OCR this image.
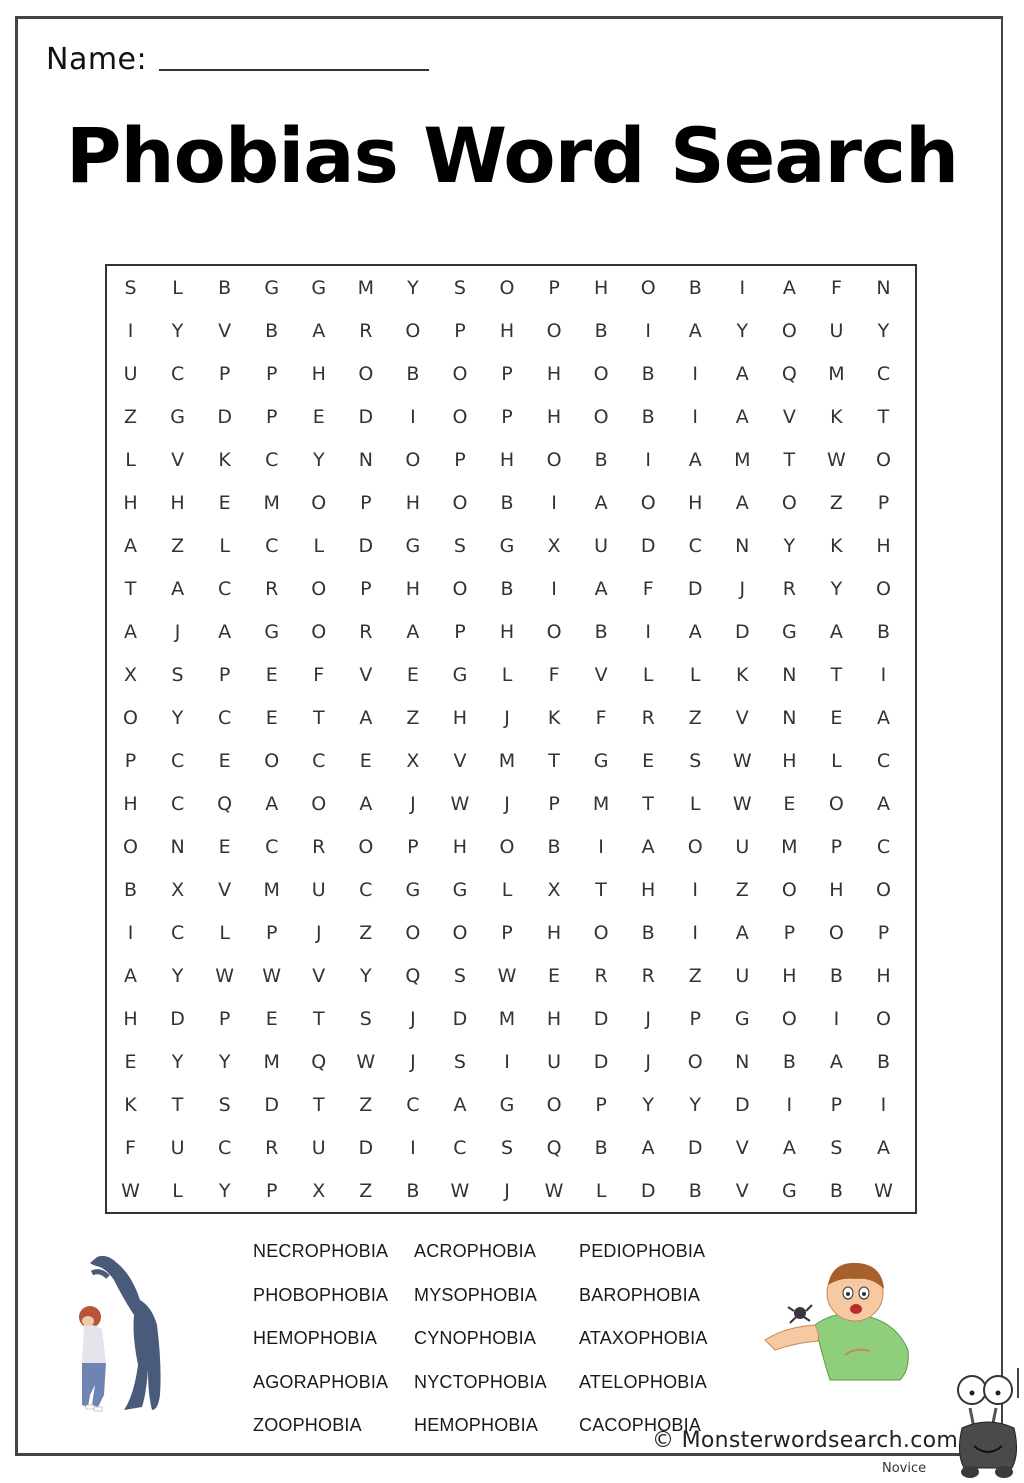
Name:
Phobias Word Search
S	L	B	G	G	M	Y	S	O	P	H	O	B	I	A	F	N
I	Y	V	B	A	R	O	P	H	O	B	I	A	Y	O	U	Y
U	C	P	P	H	O	B	O	P	H	O	B	I	A	Q	M	C
Z	G	D	P	E	D	I	O	P	H	O	B	I	A	V	K	T
L	V	K	C	Y	N	O	P	H	O	B	I	A	M	T	W	O
H	H	E	M	O	P	H	O	B	I	A	O	H	A	O	Z	P
A	Z	L	C	L	D	G	S	G	X	U	D	C	N	Y	K	H
T	A	C	R	O	P	H	O	B	I	A	F	D	J	R	Y	O
A	J	A	G	O	R	A	P	H	O	B	I	A	D	G	A	B
X	S	P	E	F	V	E	G	L	F	V	L	L	K	N	T	I
O	Y	C	E	T	A	Z	H	J	K	F	R	Z	V	N	E	A
P	C	E	O	C	E	X	V	M	T	G	E	S	W	H	L	C
H	C	Q	A	O	A	J	W	J	P	M	T	L	W	E	O	A
O	N	E	C	R	O	P	H	O	B	I	A	O	U	M	P	C
B	X	V	M	U	C	G	G	L	X	T	H	I	Z	O	H	O
I	C	L	P	J	Z	O	O	P	H	O	B	I	A	P	O	P
A	Y	W	W	V	Y	Q	S	W	E	R	R	Z	U	H	B	H
H	D	P	E	T	S	J	D	M	H	D	J	P	G	O	I	O
E	Y	Y	M	Q	W	J	S	I	U	D	J	O	N	B	A	B
K	T	S	D	T	Z	C	A	G	O	P	Y	Y	D	I	P	I
F	U	C	R	U	D	I	C	S	Q	B	A	D	V	A	S	A
W	L	Y	P	X	Z	B	W	J	W	L	D	B	V	G	B	W
NECROPHOBIA	ACROPHOBIA	PEDIOPHOBIA
PHOBOPHOBIA	MYSOPHOBIA	BAROPHOBIA
HEMOPHOBIA	CYNOPHOBIA	ATAXOPHOBIA
AGORAPHOBIA	NYCTOPHOBIA	ATELOPHOBIA
ZOOPHOBIA	HEMOPHOBIA	CACOPHOBIA
© Monsterwordsearch.com
Novice
